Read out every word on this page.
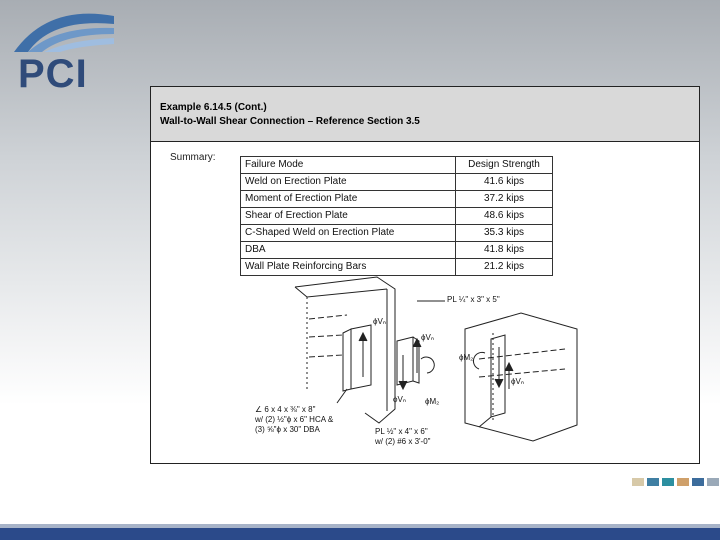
PCI
Example 6.14.5 (Cont.)
Wall-to-Wall Shear Connection – Reference Section 3.5
Summary:
Failure Mode	Design Strength
Weld on Erection Plate	41.6 kips
Moment of Erection Plate	37.2 kips
Shear of Erection Plate	48.6 kips
C-Shaped Weld on Erection Plate	35.3 kips
DBA	41.8 kips
Wall Plate Reinforcing Bars	21.2 kips
PL ¼" x 3" x 5"
ϕVₙ
ϕVₙ
ϕVₙ ϕM₂
ϕM₂
ϕVₙ
∠ 6 x 4 x ⅜" x 8"
w/ (2) ½"ϕ x 6" HCA &
(3) ⅝"ϕ x 30" DBA	PL ½" x 4" x 6"
w/ (2) #6 x 3'-0"
